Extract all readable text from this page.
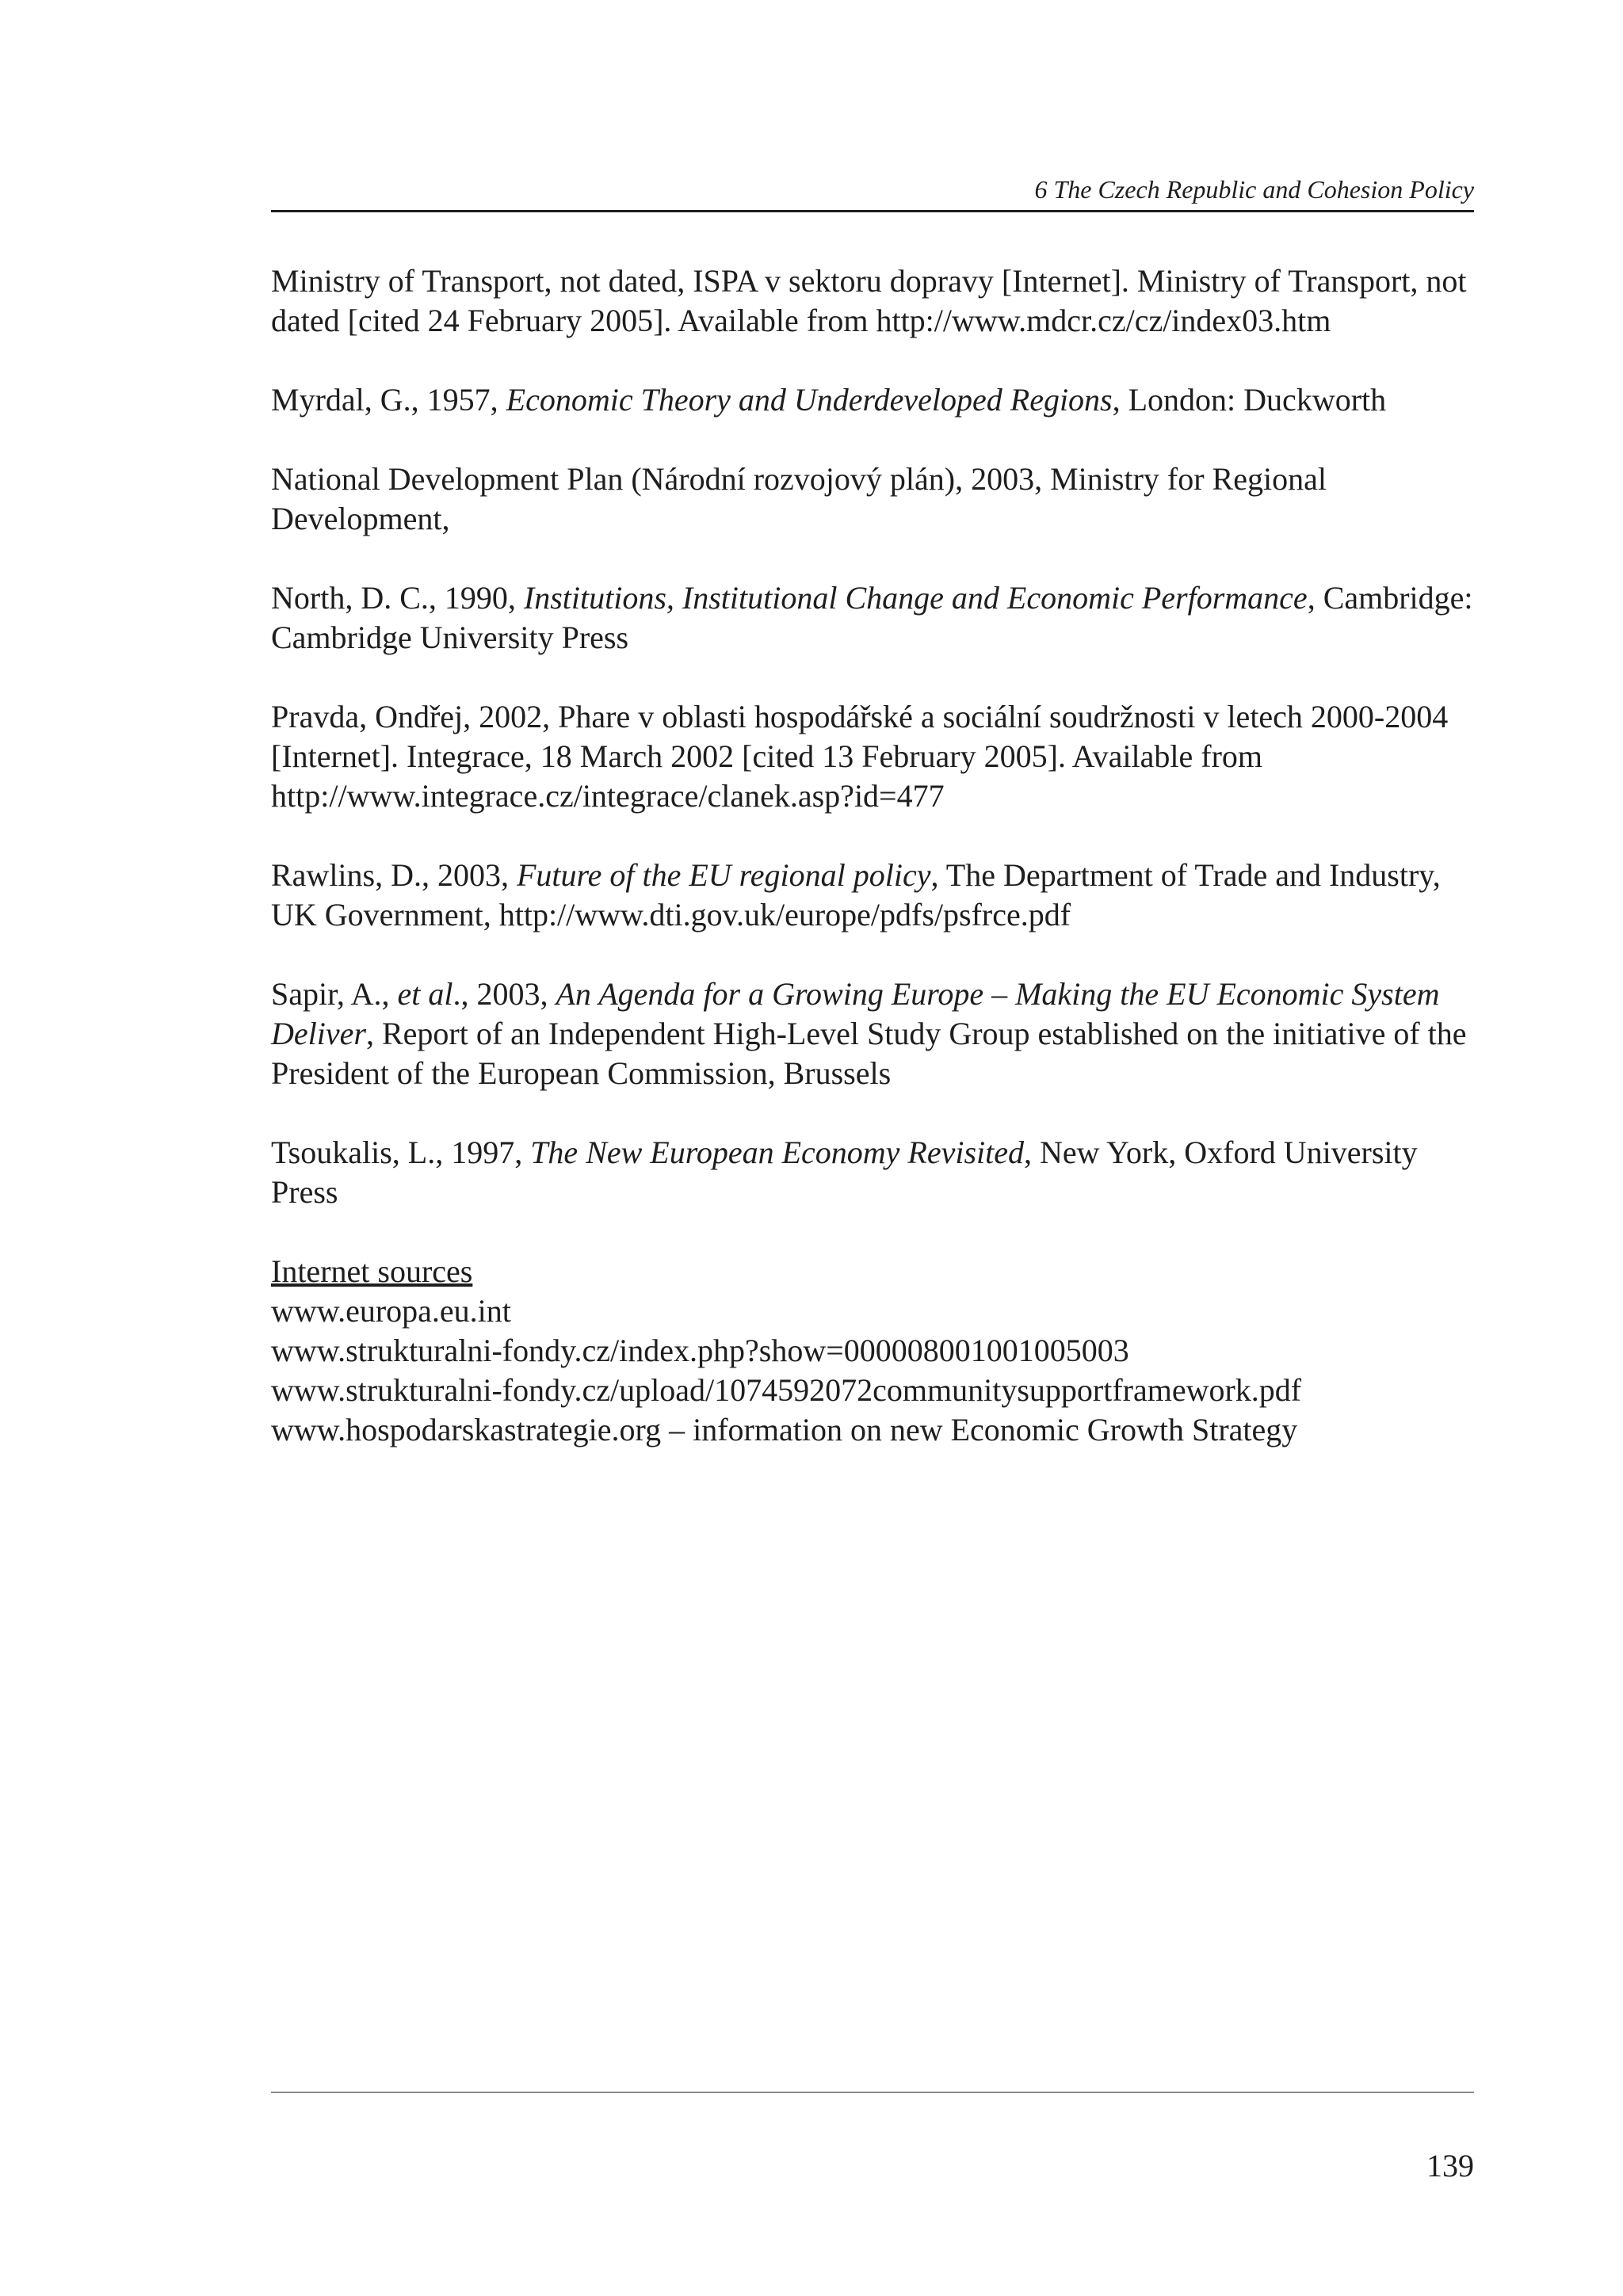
6 The Czech Republic and Cohesion Policy

Ministry of Transport, not dated, ISPA v sektoru dopravy [Internet]. Ministry of Transport, not dated [cited 24 February 2005]. Available from http://www.mdcr.cz/cz/index03.htm

Myrdal, G., 1957, Economic Theory and Underdeveloped Regions, London: Duckworth

National Development Plan (Národní rozvojový plán), 2003, Ministry for Regional Development,

North, D. C., 1990, Institutions, Institutional Change and Economic Performance, Cambridge: Cambridge University Press

Pravda, Ondřej, 2002, Phare v oblasti hospodářské a sociální soudržnosti v letech 2000-2004 [Internet]. Integrace, 18 March 2002 [cited 13 February 2005]. Available from http://www.integrace.cz/integrace/clanek.asp?id=477

Rawlins, D., 2003, Future of the EU regional policy, The Department of Trade and Industry, UK Government, http://www.dti.gov.uk/europe/pdfs/psfrce.pdf

Sapir, A., et al., 2003, An Agenda for a Growing Europe – Making the EU Economic System Deliver, Report of an Independent High-Level Study Group established on the initiative of the President of the European Commission, Brussels

Tsoukalis, L., 1997, The New European Economy Revisited, New York, Oxford University Press

Internet sources
www.europa.eu.int
www.strukturalni-fondy.cz/index.php?show=000008001001005003
www.strukturalni-fondy.cz/upload/1074592072communitysupportframework.pdf
www.hospodarskastrategie.org – information on new Economic Growth Strategy
139
